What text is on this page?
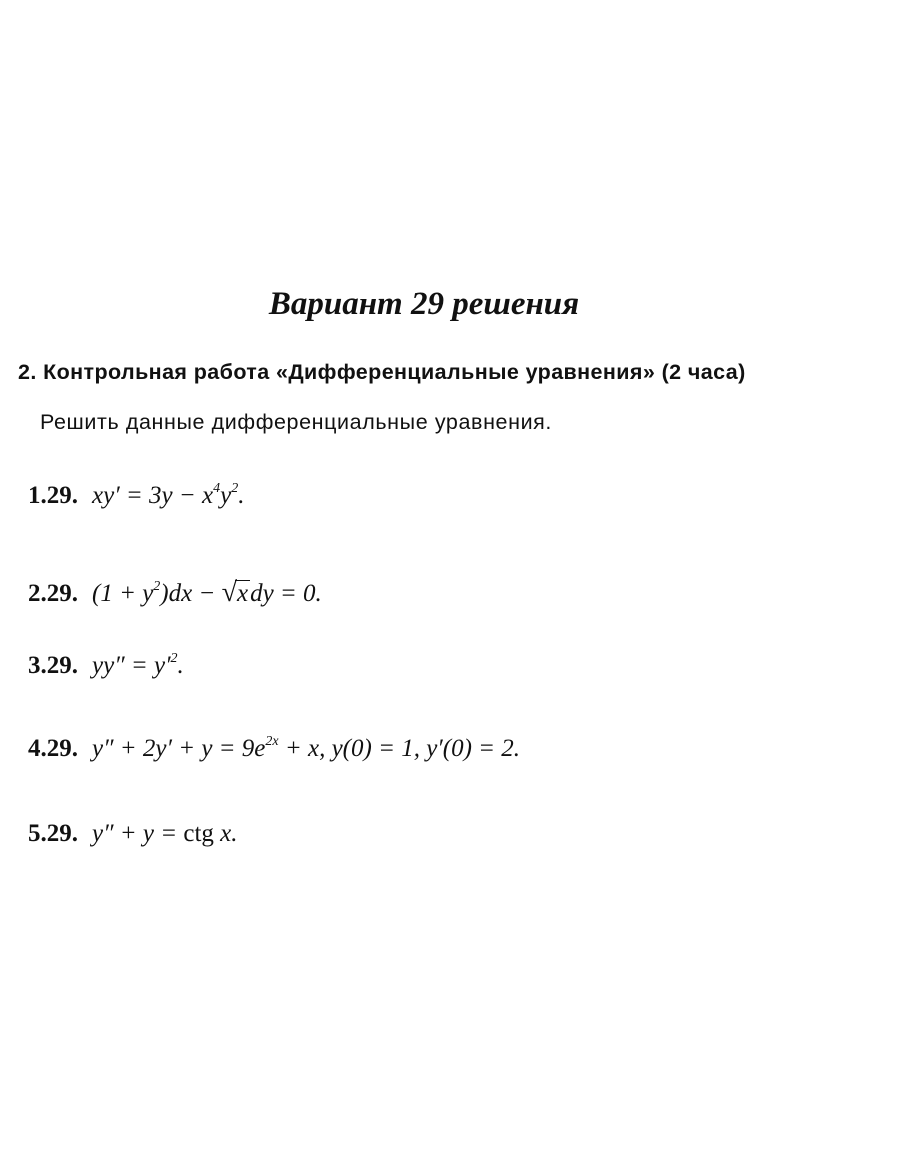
Вариант 29 решения
2. Контрольная работа «Дифференциальные уравнения» (2 часа)
Решить данные дифференциальные уравнения.
1.29. $xy' = 3y - x^4y^2$.
2.29. $(1 + y^2)dx - √xdy = 0$.
3.29. $yy'' = y'^2$.
4.29. $y'' + 2y' + y = 9e^{2x} + x$, y(0) = 1, y′(0) = 2.
5.29. y″ + y = ctg x.
